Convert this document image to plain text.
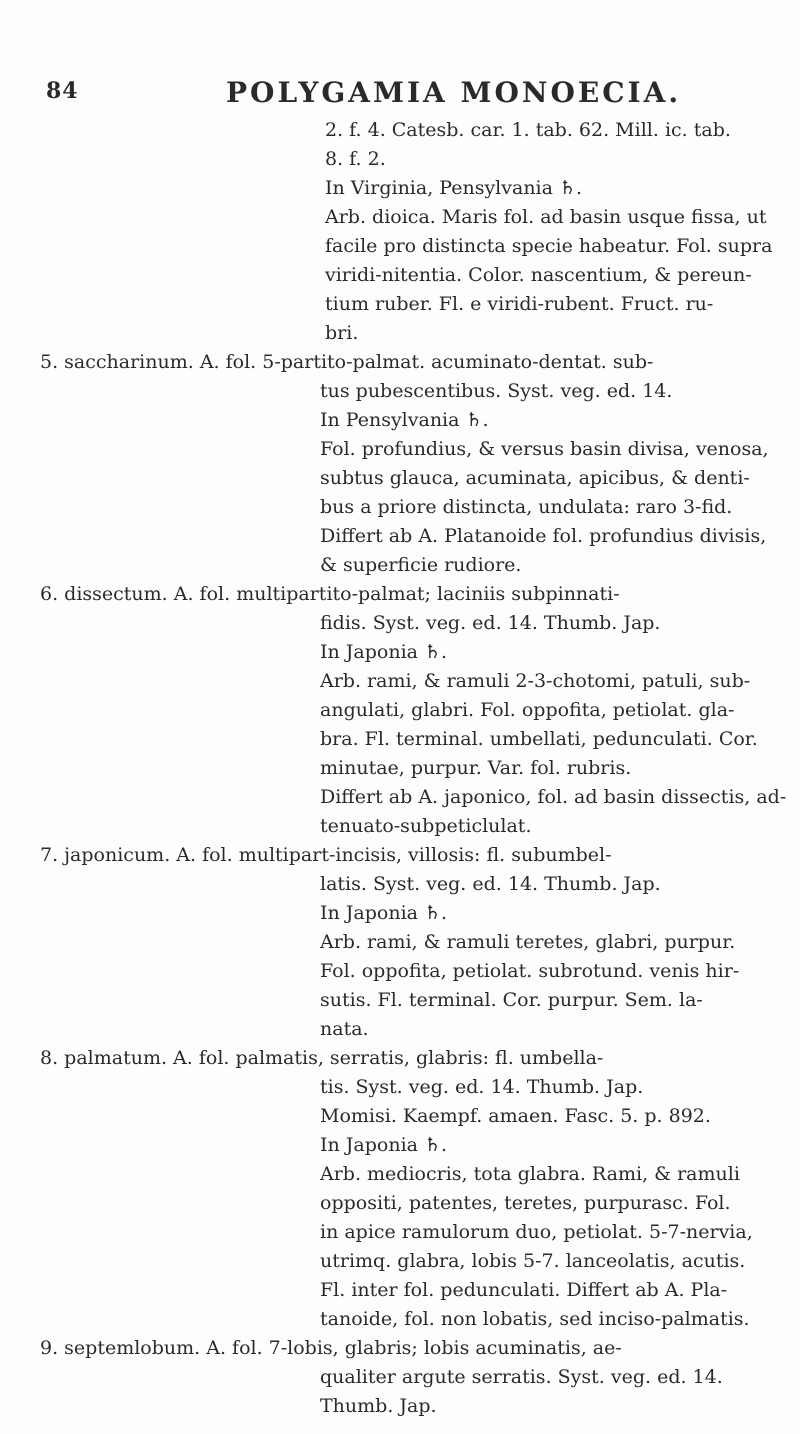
84	POLYGAMIA MONOECIA.
2. f. 4. Catesb. car. 1. tab. 62. Mill. ic. tab.
8. f. 2.
In Virginia, Pensylvania ♄.
Arb. dioica. Maris fol. ad basin usque fissa, ut
facile pro distincta specie habeatur. Fol. supra
viridi-nitentia. Color. nascentium, & pereun-
tium ruber. Fl. e viridi-rubent. Fruct. ru-
bri.
5. saccharinum. A. fol. 5-partito-palmat. acuminato-dentat. sub-
tus pubescentibus. Syst. veg. ed. 14.
In Pensylvania ♄.
Fol. profundius, & versus basin divisa, venosa,
subtus glauca, acuminata, apicibus, & denti-
bus a priore distincta, undulata: raro 3-fid.
Differt ab A. Platanoide fol. profundius divisis,
& superficie rudiore.
6. dissectum. A. fol. multipartito-palmat; laciniis subpinnati-
fidis. Syst. veg. ed. 14. Thumb. Jap.
In Japonia ♄.
Arb. rami, & ramuli 2-3-chotomi, patuli, sub-
angulati, glabri. Fol. oppofita, petiolat. gla-
bra. Fl. terminal. umbellati, pedunculati. Cor.
minutae, purpur. Var. fol. rubris.
Differt ab A. japonico, fol. ad basin dissectis, ad-
tenuato-subpeticlulat.
7. japonicum. A. fol. multipart-incisis, villosis: fl. subumbel-
latis. Syst. veg. ed. 14. Thumb. Jap.
In Japonia ♄.
Arb. rami, & ramuli teretes, glabri, purpur.
Fol. oppofita, petiolat. subrotund. venis hir-
sutis. Fl. terminal. Cor. purpur. Sem. la-
nata.
8. palmatum. A. fol. palmatis, serratis, glabris: fl. umbella-
tis. Syst. veg. ed. 14. Thumb. Jap.
Momisi. Kaempf. amaen. Fasc. 5. p. 892.
In Japonia ♄.
Arb. mediocris, tota glabra. Rami, & ramuli
oppositi, patentes, teretes, purpurasc. Fol.
in apice ramulorum duo, petiolat. 5-7-nervia,
utrimq. glabra, lobis 5-7. lanceolatis, acutis.
Fl. inter fol. pedunculati. Differt ab A. Pla-
tanoide, fol. non lobatis, sed inciso-palmatis.
9. septemlobum. A. fol. 7-lobis, glabris; lobis acuminatis, ae-
qualiter argute serratis. Syst. veg. ed. 14.
Thumb. Jap.
